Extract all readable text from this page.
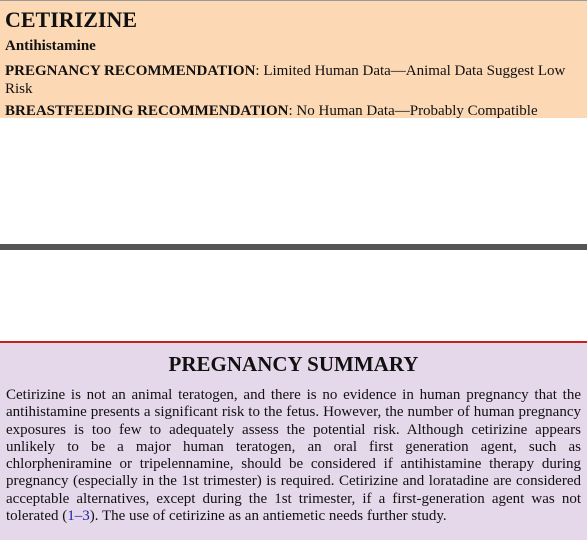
CETIRIZINE
Antihistamine

PREGNANCY RECOMMENDATION: Limited Human Data—Animal Data Suggest Low Risk

BREASTFEEDING RECOMMENDATION: No Human Data—Probably Compatible

PREGNANCY SUMMARY

Cetirizine is not an animal teratogen, and there is no evidence in human pregnancy that the antihistamine presents a significant risk to the fetus. However, the number of human pregnancy exposures is too few to adequately assess the potential risk. Although cetirizine appears unlikely to be a major human teratogen, an oral first generation agent, such as chlorpheniramine or tripelennamine, should be considered if antihistamine therapy during pregnancy (especially in the 1st trimester) is required. Cetirizine and loratadine are considered acceptable alternatives, except during the 1st trimester, if a first-generation agent was not tolerated (1–3). The use of cetirizine as an antiemetic needs further study.
